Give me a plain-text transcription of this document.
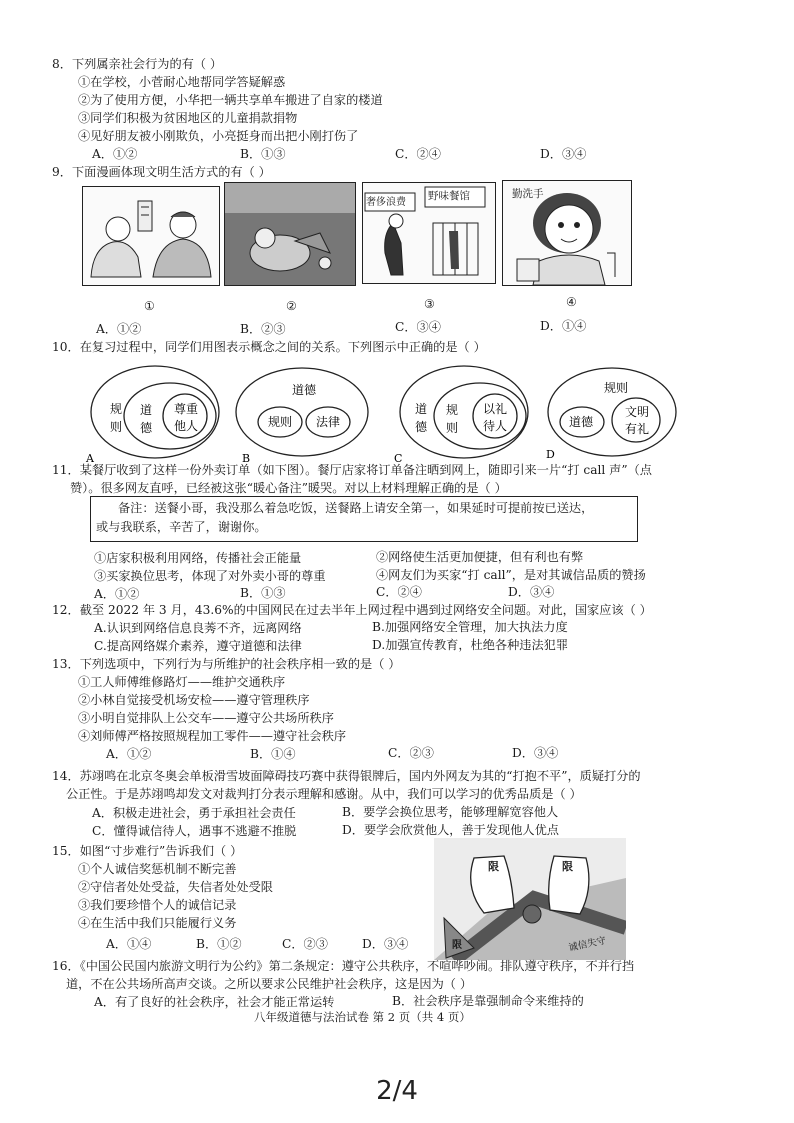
8．下列属亲社会行为的有（ ）
①在学校，小菅耐心地帮同学答疑解惑
②为了使用方便，小华把一辆共享单车搬进了自家的楼道
③同学们积极为贫困地区的儿童捐款捐物
④见好朋友被小刚欺负，小亮挺身而出把小刚打伤了
A．①②	B．①③	C．②④	D．③④
9．下面漫画体现文明生活方式的有（ ）
奢侈浪费
野味餐馆	勤洗手
①	②	③	④
A．①②	B．②③	C．③④	D．①④
10．在复习过程中，同学们用图表示概念之间的关系。下列图示中正确的是（ ）
规
则
道
德
尊重
他人
A
道德
规则 法律
B
道
德
规
则
以礼
待人
C
规则
道德
文明
有礼
D
11．某餐厅收到了这样一份外卖订单（如下图）。餐厅店家将订单备注晒到网上，随即引来一片“打 call 声”（点
赞）。很多网友直呼，已经被这张“暖心备注”暖哭。对以上材料理解正确的是（ ）
备注：送餐小哥，我没那么着急吃饭，送餐路上请安全第一，如果延时可提前按已送达，
或与我联系，辛苦了，谢谢你。
①店家积极利用网络，传播社会正能量	②网络使生活更加便捷，但有利也有弊
③买家换位思考，体现了对外卖小哥的尊重	④网友们为买家“打 call”，是对其诚信品质的赞扬
A．①②	B．①③	C．②④	D．③④
12．截至 2022 年 3 月，43.6%的中国网民在过去半年上网过程中遇到过网络安全问题。对此，国家应该（ ）
A.认识到网络信息良莠不齐，远离网络	B.加强网络安全管理，加大执法力度
C.提高网络媒介素养，遵守道德和法律	D.加强宣传教育，杜绝各种违法犯罪
13．下列选项中，下列行为与所维护的社会秩序相一致的是（ ）
①工人师傅维修路灯——维护交通秩序
②小林自觉接受机场安检——遵守管理秩序
③小明自觉排队上公交车——遵守公共场所秩序
④刘师傅严格按照规程加工零件——遵守社会秩序
A．①②	B．①④	C．②③	D．③④
14．苏翊鸣在北京冬奥会单板滑雪坡面障碍技巧赛中获得银牌后，国内外网友为其的“打抱不平”，质疑打分的
公正性。于是苏翊鸣却发文对裁判打分表示理解和感谢。从中，我们可以学习的优秀品质是（ ）
A．积极走进社会，勇于承担社会责任	B．要学会换位思考，能够理解宽容他人
C．懂得诚信待人，遇事不逃避不推脱	D．要学会欣赏他人，善于发现他人优点
15．如图“寸步难行”告诉我们（ ）
①个人诚信奖惩机制不断完善
②守信者处处受益，失信者处处受限
③我们要珍惜个人的诚信记录
④在生活中我们只能履行义务
A．①④	B．①②	C．②③	D．③④
限	限
限	诚信失守
16．《中国公民国内旅游文明行为公约》第二条规定：遵守公共秩序，不喧哗吵闹。排队遵守秩序，不并行挡
道，不在公共场所高声交谈。之所以要求公民维护社会秩序，这是因为（ ）
A．有了良好的社会秩序，社会才能正常运转	B．社会秩序是靠强制命令来维持的
八年级道德与法治试卷 第 2 页（共 4 页）
2/4
